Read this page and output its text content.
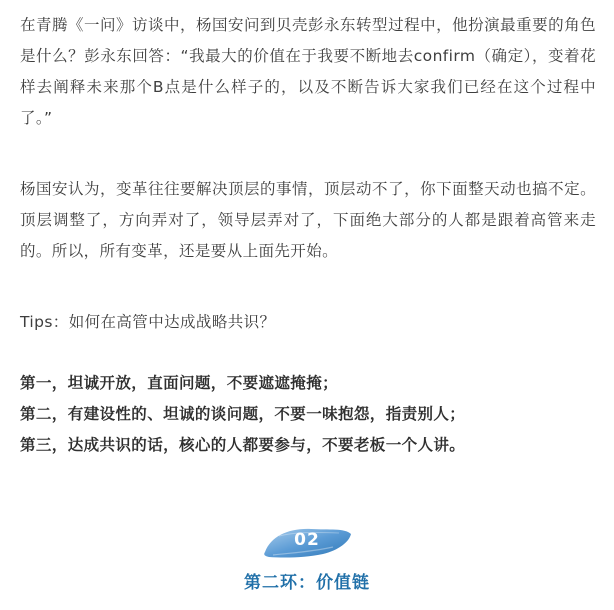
在青腾《一问》访谈中，杨国安问到贝壳彭永东转型过程中，他扮演最重要的角色是什么？彭永东回答：“我最大的价值在于我要不断地去confirm（确定），变着花样去阐释未来那个B点是什么样子的，以及不断告诉大家我们已经在这个过程中了。”

杨国安认为，变革往往要解决顶层的事情，顶层动不了，你下面整天动也搞不定。顶层调整了，方向弄对了，领导层弄对了，下面绝大部分的人都是跟着高管来走的。所以，所有变革，还是要从上面先开始。

Tips：如何在高管中达成战略共识？

第一，坦诚开放，直面问题，不要遮遮掩掩；

第二，有建设性的、坦诚的谈问题，不要一味抱怨，指责别人；

第三，达成共识的话，核心的人都要参与，不要老板一个人讲。

02
第二环：价值链
